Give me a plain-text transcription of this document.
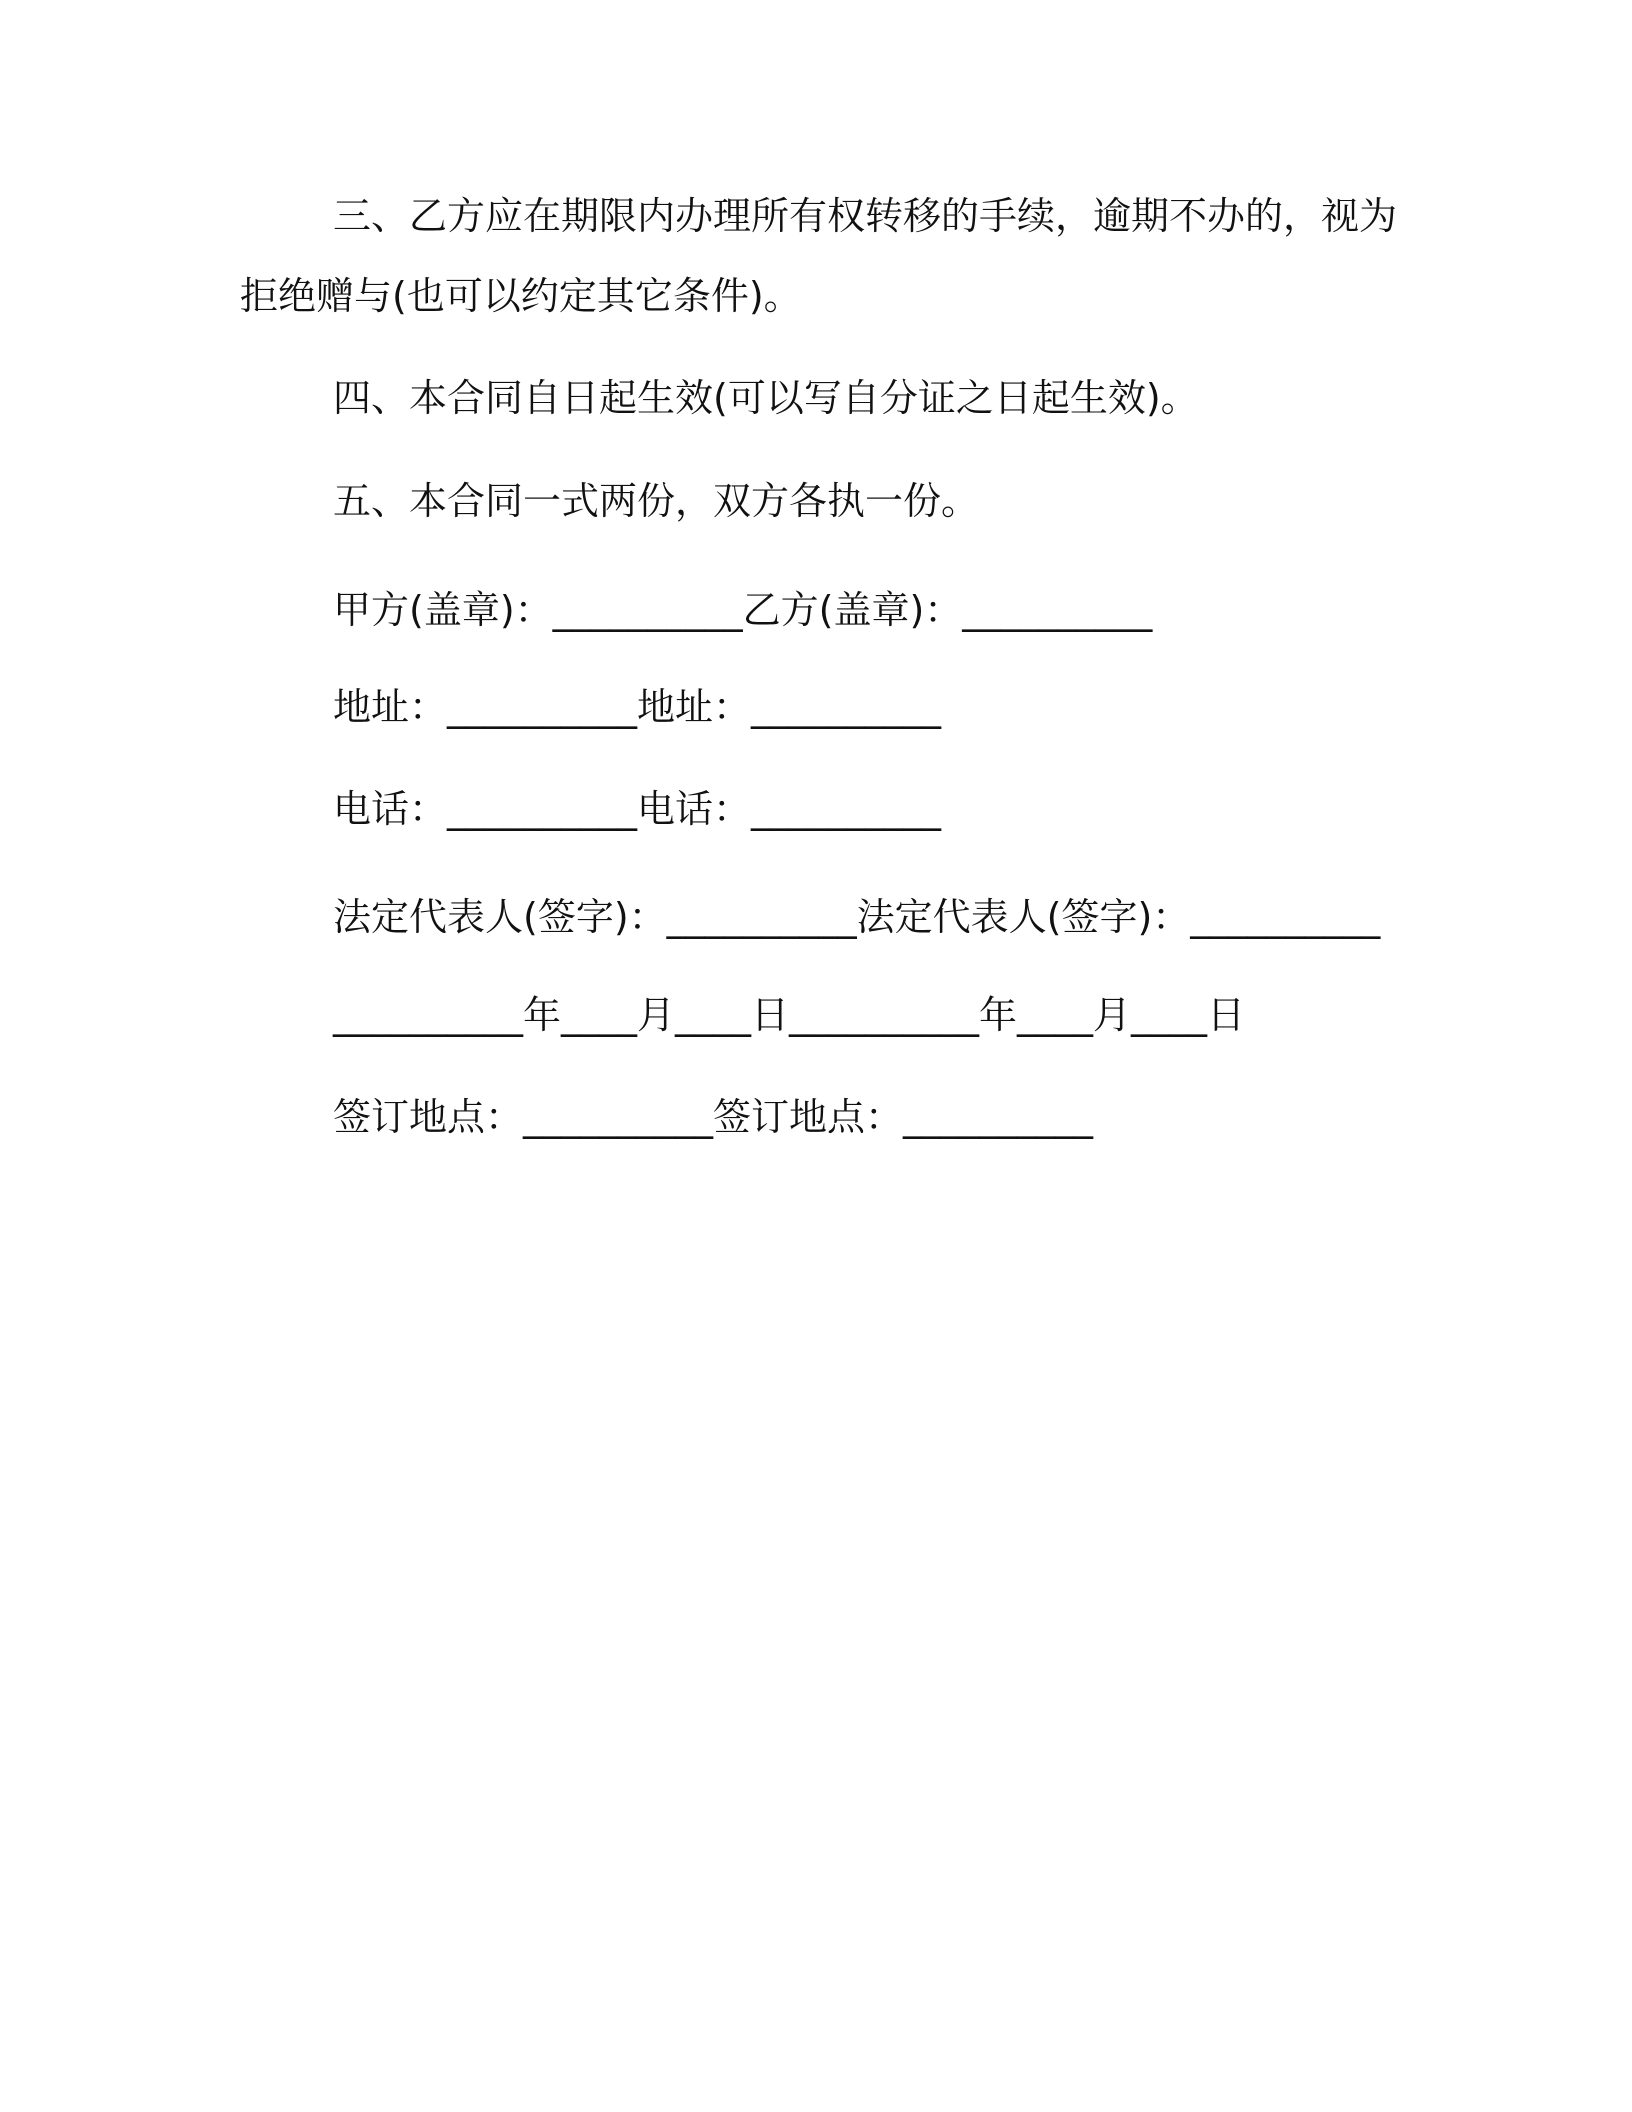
三、乙方应在期限内办理所有权转移的手续，逾期不办的，视为

拒绝赠与(也可以约定其它条件)。

四、本合同自日起生效(可以写自分证之日起生效)。

五、本合同一式两份，双方各执一份。

甲方(盖章)：__________乙方(盖章)：__________

地址：__________地址：__________

电话：__________电话：__________

法定代表人(签字)：__________法定代表人(签字)：__________

__________年____月____日__________年____月____日

签订地点：__________签订地点：__________
